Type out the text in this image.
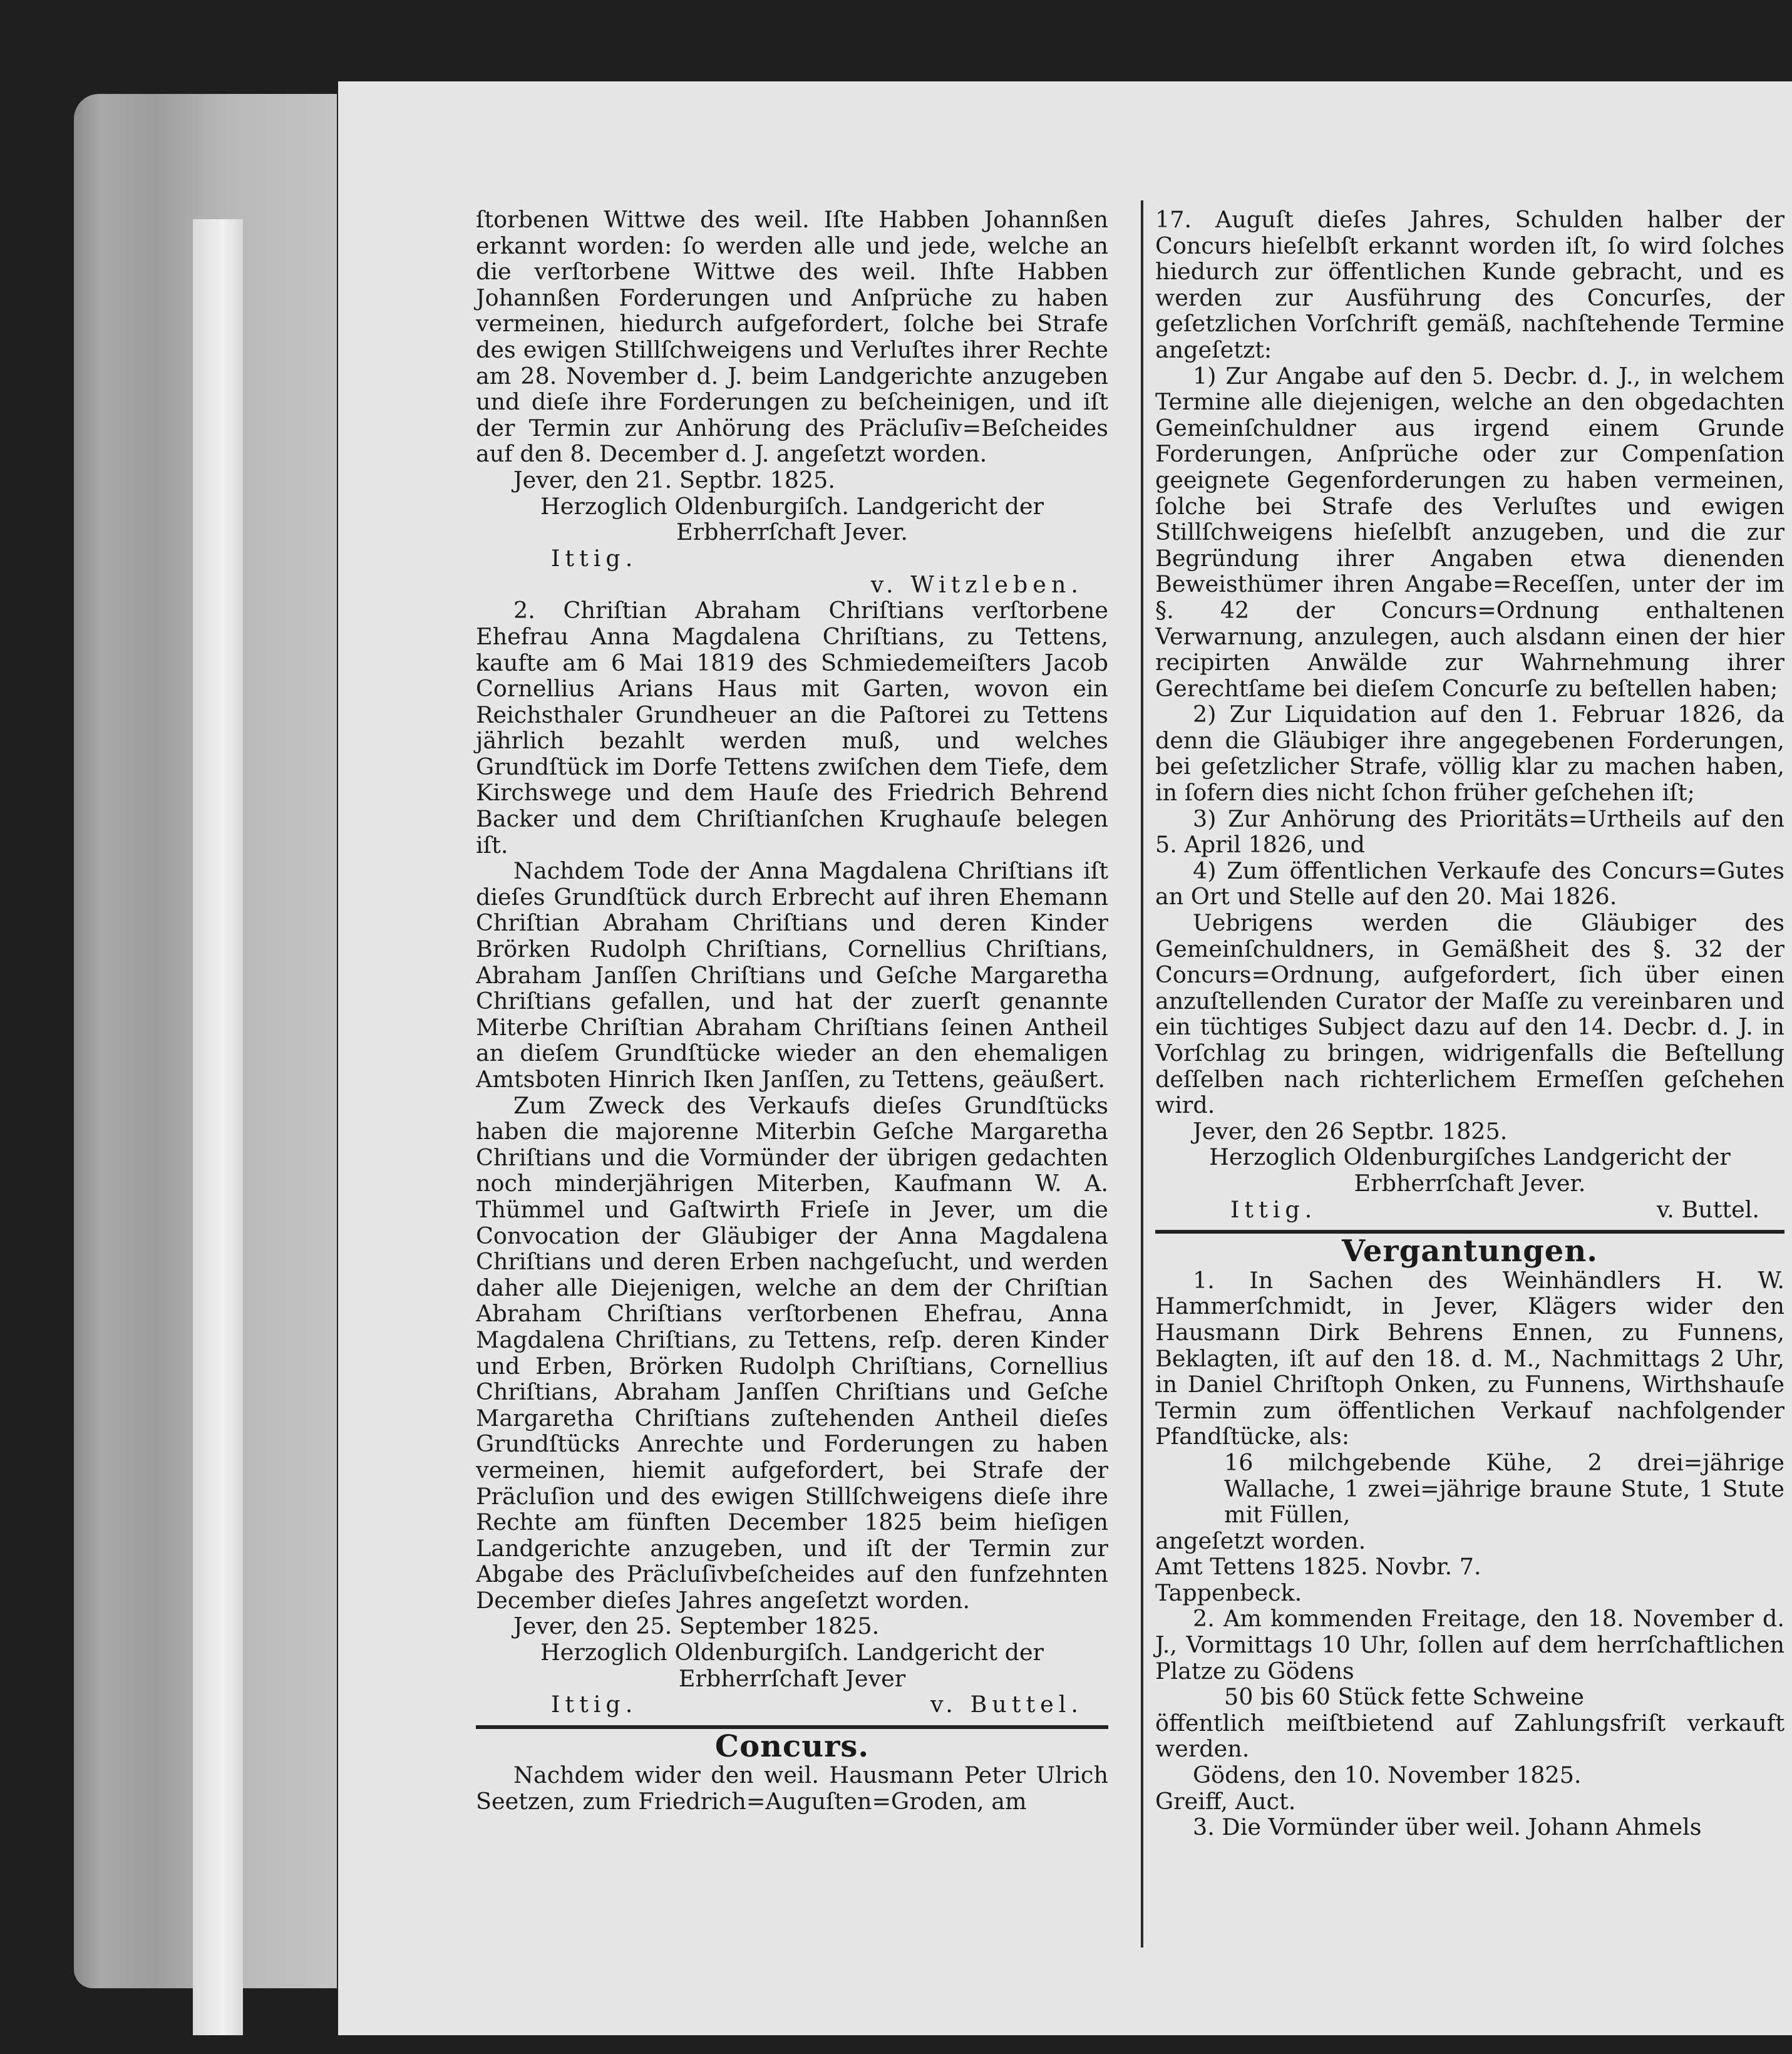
ſtorbenen Wittwe des weil. Iſte Habben Johannßen erkannt worden: ſo werden alle und jede, welche an die verſtorbene Wittwe des weil. Ihſte Habben Johannßen Forderungen und Anſprüche zu haben vermeinen, hiedurch aufgefordert, ſolche bei Strafe des ewigen Stillſchweigens und Verluſtes ihrer Rechte am 28. November d. J. beim Landgerichte anzugeben und dieſe ihre Forderungen zu beſcheinigen, und iſt der Termin zur Anhörung des Präcluſiv=Beſcheides auf den 8. December d. J. angeſetzt worden.

Jever, den 21. Septbr. 1825.

Herzoglich Oldenburgiſch. Landgericht der Erbherrſchaft Jever.

Ittig.
v. Witzleben.

2. Chriſtian Abraham Chriſtians verſtorbene Ehefrau Anna Magdalena Chriſtians, zu Tettens, kaufte am 6 Mai 1819 des Schmiedemeiſters Jacob Cornellius Arians Haus mit Garten, wovon ein Reichsthaler Grundheuer an die Paſtorei zu Tettens jährlich bezahlt werden muß, und welches Grundſtück im Dorfe Tettens zwiſchen dem Tiefe, dem Kirchswege und dem Hauſe des Friedrich Behrend Backer und dem Chriſtianſchen Krughauſe belegen iſt.

Nachdem Tode der Anna Magdalena Chriſtians iſt dieſes Grundſtück durch Erbrecht auf ihren Ehemann Chriſtian Abraham Chriſtians und deren Kinder Brörken Rudolph Chriſtians, Cornellius Chriſtians, Abraham Janſſen Chriſtians und Geſche Margaretha Chriſtians gefallen, und hat der zuerſt genannte Miterbe Chriſtian Abraham Chriſtians ſeinen Antheil an dieſem Grundſtücke wieder an den ehemaligen Amtsboten Hinrich Iken Janſſen, zu Tettens, geäußert.

Zum Zweck des Verkaufs dieſes Grundſtücks haben die majorenne Miterbin Geſche Margaretha Chriſtians und die Vormünder der übrigen gedachten noch minderjährigen Miterben, Kaufmann W. A. Thümmel und Gaſtwirth Frieſe in Jever, um die Convocation der Gläubiger der Anna Magdalena Chriſtians und deren Erben nachgeſucht, und werden daher alle Diejenigen, welche an dem der Chriſtian Abraham Chriſtians verſtorbenen Ehefrau, Anna Magdalena Chriſtians, zu Tettens, reſp. deren Kinder und Erben, Brörken Rudolph Chriſtians, Cornellius Chriſtians, Abraham Janſſen Chriſtians und Geſche Margaretha Chriſtians zuſtehenden Antheil dieſes Grundſtücks Anrechte und Forderungen zu haben vermeinen, hiemit aufgefordert, bei Strafe der Präcluſion und des ewigen Stillſchweigens dieſe ihre Rechte am fünften December 1825 beim hieſigen Landgerichte anzugeben, und iſt der Termin zur Abgabe des Präcluſivbeſcheides auf den funfzehnten December dieſes Jahres angeſetzt worden.

Jever, den 25. September 1825.

Herzoglich Oldenburgiſch. Landgericht der Erbherrſchaft Jever

Ittig.	v. Buttel.
Concurs.

Nachdem wider den weil. Hausmann Peter Ulrich Seetzen, zum Friedrich=Auguſten=Groden, am

17. Auguſt dieſes Jahres, Schulden halber der Concurs hieſelbſt erkannt worden iſt, ſo wird ſolches hiedurch zur öffentlichen Kunde gebracht, und es werden zur Ausführung des Concurſes, der geſetzlichen Vorſchrift gemäß, nachſtehende Termine angeſetzt:

1) Zur Angabe auf den 5. Decbr. d. J., in welchem Termine alle diejenigen, welche an den obgedachten Gemeinſchuldner aus irgend einem Grunde Forderungen, Anſprüche oder zur Compenſation geeignete Gegenforderungen zu haben vermeinen, ſolche bei Strafe des Verluſtes und ewigen Stillſchweigens hieſelbſt anzugeben, und die zur Begründung ihrer Angaben etwa dienenden Beweisthümer ihren Angabe=Receſſen, unter der im §. 42 der Concurs=Ordnung enthaltenen Verwarnung, anzulegen, auch alsdann einen der hier recipirten Anwälde zur Wahrnehmung ihrer Gerechtſame bei dieſem Concurſe zu beſtellen haben;

2) Zur Liquidation auf den 1. Februar 1826, da denn die Gläubiger ihre angegebenen Forderungen, bei geſetzlicher Strafe, völlig klar zu machen haben, in ſofern dies nicht ſchon früher geſchehen iſt;

3) Zur Anhörung des Prioritäts=Urtheils auf den 5. April 1826, und

4) Zum öffentlichen Verkaufe des Concurs=Gutes an Ort und Stelle auf den 20. Mai 1826.

Uebrigens werden die Gläubiger des Gemeinſchuldners, in Gemäßheit des §. 32 der Concurs=Ordnung, aufgefordert, ſich über einen anzuſtellenden Curator der Maſſe zu vereinbaren und ein tüchtiges Subject dazu auf den 14. Decbr. d. J. in Vorſchlag zu bringen, widrigenfalls die Beſtellung deſſelben nach richterlichem Ermeſſen geſchehen wird.

Jever, den 26 Septbr. 1825.

Herzoglich Oldenburgiſches Landgericht der Erbherrſchaft Jever.

Ittig.	v. Buttel.
Vergantungen.

1. In Sachen des Weinhändlers H. W. Hammerſchmidt, in Jever, Klägers wider den Hausmann Dirk Behrens Ennen, zu Funnens, Beklagten, iſt auf den 18. d. M., Nachmittags 2 Uhr, in Daniel Chriſtoph Onken, zu Funnens, Wirthshauſe Termin zum öffentlichen Verkauf nachfolgender Pfandſtücke, als:

16 milchgebende Kühe, 2 drei=jährige Wallache, 1 zwei=jährige braune Stute, 1 Stute mit Füllen,

angeſetzt worden.

Amt Tettens 1825. Novbr. 7.

Tappenbeck.

2. Am kommenden Freitage, den 18. November d. J., Vormittags 10 Uhr, ſollen auf dem herrſchaftlichen Platze zu Gödens

50 bis 60 Stück fette Schweine

öffentlich meiſtbietend auf Zahlungsfriſt verkauft werden.

Gödens, den 10. November 1825.

Greiff, Auct.

3. Die Vormünder über weil. Johann Ahmels
